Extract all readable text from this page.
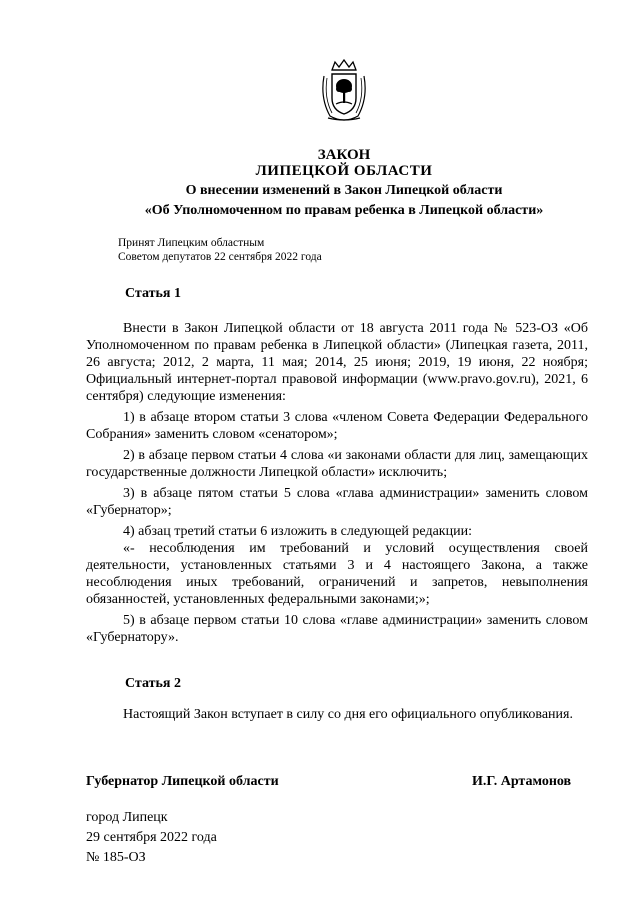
ЗАКОН
ЛИПЕЦКОЙ ОБЛАСТИ
О внесении изменений в Закон Липецкой области
«Об Уполномоченном по правам ребенка в Липецкой области»
Принят Липецким областным
Советом депутатов 22 сентября 2022 года
Статья 1

Внести в Закон Липецкой области от 18 августа 2011 года № 523-ОЗ «Об Уполномоченном по правам ребенка в Липецкой области» (Липецкая газета, 2011, 26 августа; 2012, 2 марта, 11 мая; 2014, 25 июня; 2019, 19 июня, 22 ноября; Официальный интернет-портал правовой информации (www.pravo.gov.ru), 2021, 6 сентября) следующие изменения:

1) в абзаце втором статьи 3 слова «членом Совета Федерации Федерального Собрания» заменить словом «сенатором»;

2) в абзаце первом статьи 4 слова «и законами области для лиц, замещающих государственные должности Липецкой области» исключить;

3) в абзаце пятом статьи 5 слова «глава администрации» заменить словом «Губернатор»;

4) абзац третий статьи 6 изложить в следующей редакции:

«- несоблюдения им требований и условий осуществления своей деятельности, установленных статьями 3 и 4 настоящего Закона, а также несоблюдения иных требований, ограничений и запретов, невыполнения обязанностей, установленных федеральными законами;»;

5) в абзаце первом статьи 10 слова «главе администрации» заменить словом «Губернатору».

Статья 2

Настоящий Закон вступает в силу со дня его официального опубликования.

Губернатор Липецкой области	И.Г. Артамонов
город Липецк
29 сентября 2022 года
№ 185-ОЗ
